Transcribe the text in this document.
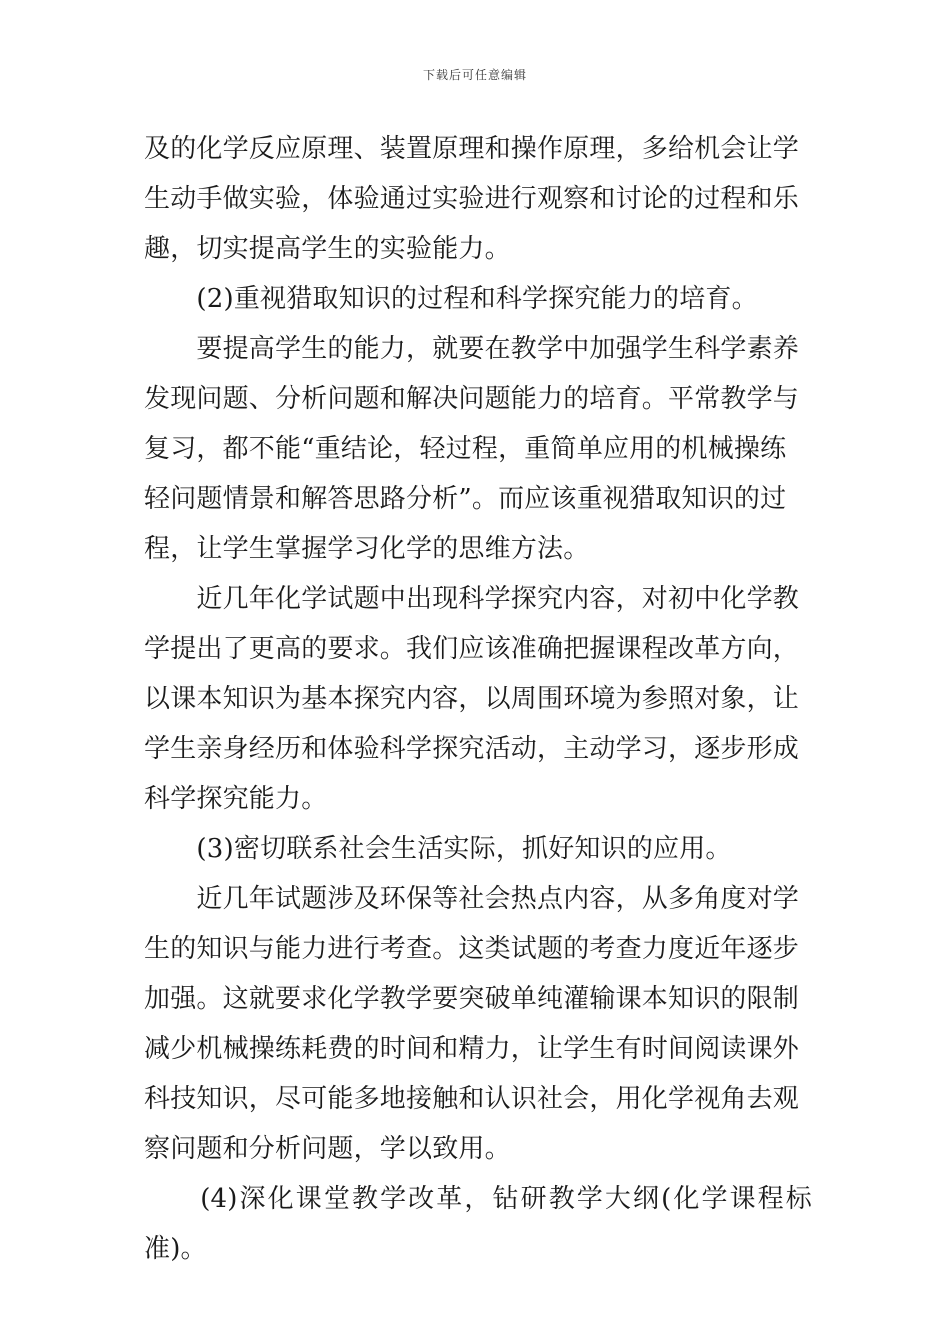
下载后可任意编辑

及的化学反应原理、装置原理和操作原理，多给机会让学
生动手做实验，体验通过实验进行观察和讨论的过程和乐
趣，切实提高学生的实验能力。

　　(2)重视猎取知识的过程和科学探究能力的培育。

　　要提高学生的能力，就要在教学中加强学生科学素养
发现问题、分析问题和解决问题能力的培育。平常教学与
复习，都不能“重结论，轻过程，重简单应用的机械操练
轻问题情景和解答思路分析”。而应该重视猎取知识的过
程，让学生掌握学习化学的思维方法。

　　近几年化学试题中出现科学探究内容，对初中化学教
学提出了更高的要求。我们应该准确把握课程改革方向，
以课本知识为基本探究内容，以周围环境为参照对象，让
学生亲身经历和体验科学探究活动，主动学习，逐步形成
科学探究能力。

　　(3)密切联系社会生活实际，抓好知识的应用。

　　近几年试题涉及环保等社会热点内容，从多角度对学
生的知识与能力进行考查。这类试题的考查力度近年逐步
加强。这就要求化学教学要突破单纯灌输课本知识的限制
减少机械操练耗费的时间和精力，让学生有时间阅读课外
科技知识，尽可能多地接触和认识社会，用化学视角去观
察问题和分析问题，学以致用。

　　(4)深化课堂教学改革，钻研教学大纲(化学课程标准)。
